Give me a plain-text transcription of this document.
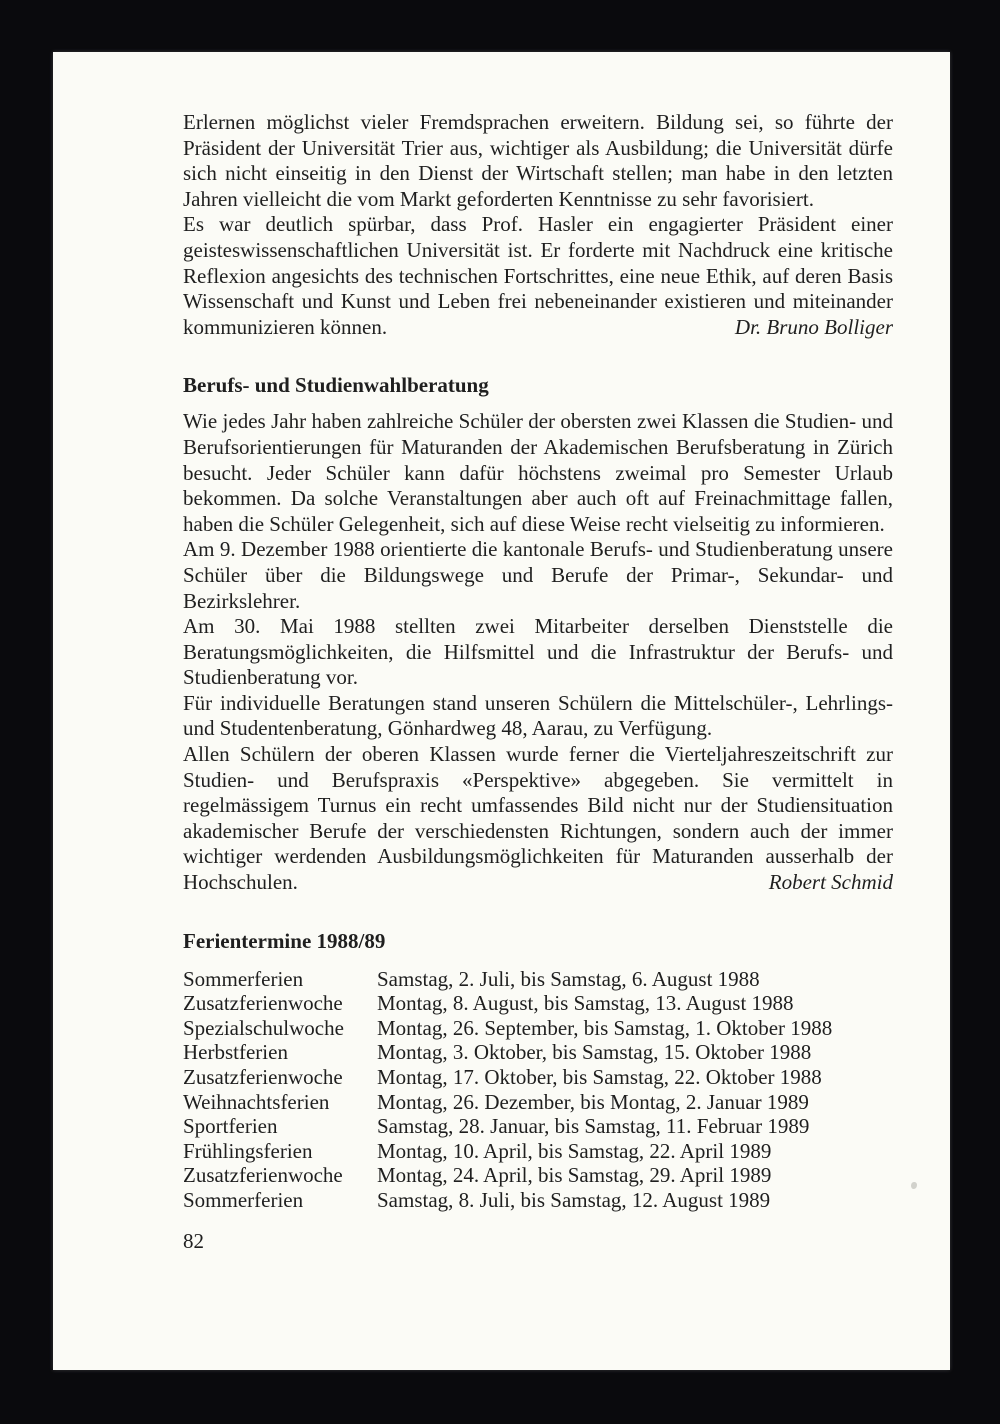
Erlernen möglichst vieler Fremdsprachen erweitern. Bildung sei, so führte der Präsident der Universität Trier aus, wichtiger als Ausbildung; die Universität dürfe sich nicht einseitig in den Dienst der Wirtschaft stellen; man habe in den letzten Jahren vielleicht die vom Markt geforderten Kenntnisse zu sehr favorisiert.

Es war deutlich spürbar, dass Prof. Hasler ein engagierter Präsident einer geisteswissenschaftlichen Universität ist. Er forderte mit Nachdruck eine kritische Reflexion angesichts des technischen Fortschrittes, eine neue Ethik, auf deren Basis Wissenschaft und Kunst und Leben frei nebeneinander existieren und miteinander kommunizieren können.	Dr. Bruno Bolliger

Berufs- und Studienwahlberatung

Wie jedes Jahr haben zahlreiche Schüler der obersten zwei Klassen die Studien- und Berufsorientierungen für Maturanden der Akademischen Berufsberatung in Zürich besucht. Jeder Schüler kann dafür höchstens zweimal pro Semester Urlaub bekommen. Da solche Veranstaltungen aber auch oft auf Freinachmittage fallen, haben die Schüler Gelegenheit, sich auf diese Weise recht vielseitig zu informieren.

Am 9. Dezember 1988 orientierte die kantonale Berufs- und Studienberatung unsere Schüler über die Bildungswege und Berufe der Primar-, Sekundar- und Bezirkslehrer.

Am 30. Mai 1988 stellten zwei Mitarbeiter derselben Dienststelle die Beratungsmöglichkeiten, die Hilfsmittel und die Infrastruktur der Berufs- und Studienberatung vor.

Für individuelle Beratungen stand unseren Schülern die Mittelschüler-, Lehrlings- und Studentenberatung, Gönhardweg 48, Aarau, zu Verfügung.

Allen Schülern der oberen Klassen wurde ferner die Vierteljahreszeitschrift zur Studien- und Berufspraxis «Perspektive» abgegeben. Sie vermittelt in regelmässigem Turnus ein recht umfassendes Bild nicht nur der Studiensituation akademischer Berufe der verschiedensten Richtungen, sondern auch der immer wichtiger werdenden Ausbildungsmöglichkeiten für Maturanden ausserhalb der Hochschulen.	Robert Schmid

Ferientermine 1988/89
Sommerferien	Samstag, 2. Juli, bis Samstag, 6. August 1988
Zusatzferienwoche Montag, 8. August, bis Samstag, 13. August 1988
Spezialschulwoche Montag, 26. September, bis Samstag, 1. Oktober 1988
Herbstferien	Montag, 3. Oktober, bis Samstag, 15. Oktober 1988
Zusatzferienwoche Montag, 17. Oktober, bis Samstag, 22. Oktober 1988
Weihnachtsferien Montag, 26. Dezember, bis Montag, 2. Januar 1989
Sportferien	Samstag, 28. Januar, bis Samstag, 11. Februar 1989
Frühlingsferien	Montag, 10. April, bis Samstag, 22. April 1989
Zusatzferienwoche Montag, 24. April, bis Samstag, 29. April 1989
Sommerferien	Samstag, 8. Juli, bis Samstag, 12. August 1989
82
